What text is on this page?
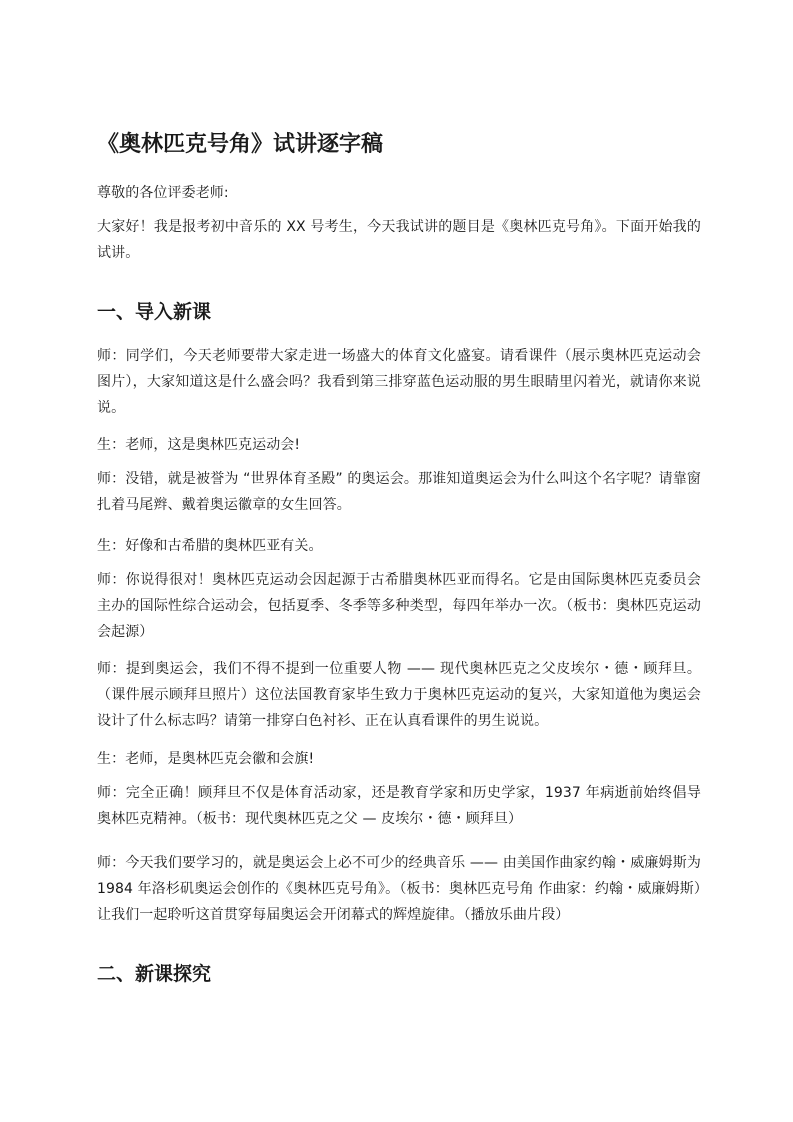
《奥林匹克号角》试讲逐字稿

尊敬的各位评委老师:

大家好！我是报考初中音乐的 XX 号考生，今天我试讲的题目是《奥林匹克号角》。下面开始我的试讲。

一、导入新课

师：同学们，今天老师要带大家走进一场盛大的体育文化盛宴。请看课件（展示奥林匹克运动会图片），大家知道这是什么盛会吗？我看到第三排穿蓝色运动服的男生眼睛里闪着光，就请你来说说。

生：老师，这是奥林匹克运动会!

师：没错，就是被誉为 “世界体育圣殿” 的奥运会。那谁知道奥运会为什么叫这个名字呢？请靠窗扎着马尾辫、戴着奥运徽章的女生回答。

生：好像和古希腊的奥林匹亚有关。

师：你说得很对！奥林匹克运动会因起源于古希腊奥林匹亚而得名。它是由国际奥林匹克委员会主办的国际性综合运动会，包括夏季、冬季等多种类型，每四年举办一次。（板书：奥林匹克运动会起源）

师：提到奥运会，我们不得不提到一位重要人物 —— 现代奥林匹克之父皮埃尔・德・顾拜旦。（课件展示顾拜旦照片）这位法国教育家毕生致力于奥林匹克运动的复兴，大家知道他为奥运会设计了什么标志吗？请第一排穿白色衬衫、正在认真看课件的男生说说。

生：老师，是奥林匹克会徽和会旗!

师：完全正确！顾拜旦不仅是体育活动家，还是教育学家和历史学家，1937 年病逝前始终倡导奥林匹克精神。（板书：现代奥林匹克之父 — 皮埃尔・德・顾拜旦）

师：今天我们要学习的，就是奥运会上必不可少的经典音乐 —— 由美国作曲家约翰・威廉姆斯为 1984 年洛杉矶奥运会创作的《奥林匹克号角》。（板书：奥林匹克号角 作曲家：约翰・威廉姆斯）让我们一起聆听这首贯穿每届奥运会开闭幕式的辉煌旋律。（播放乐曲片段）

二、新课探究
